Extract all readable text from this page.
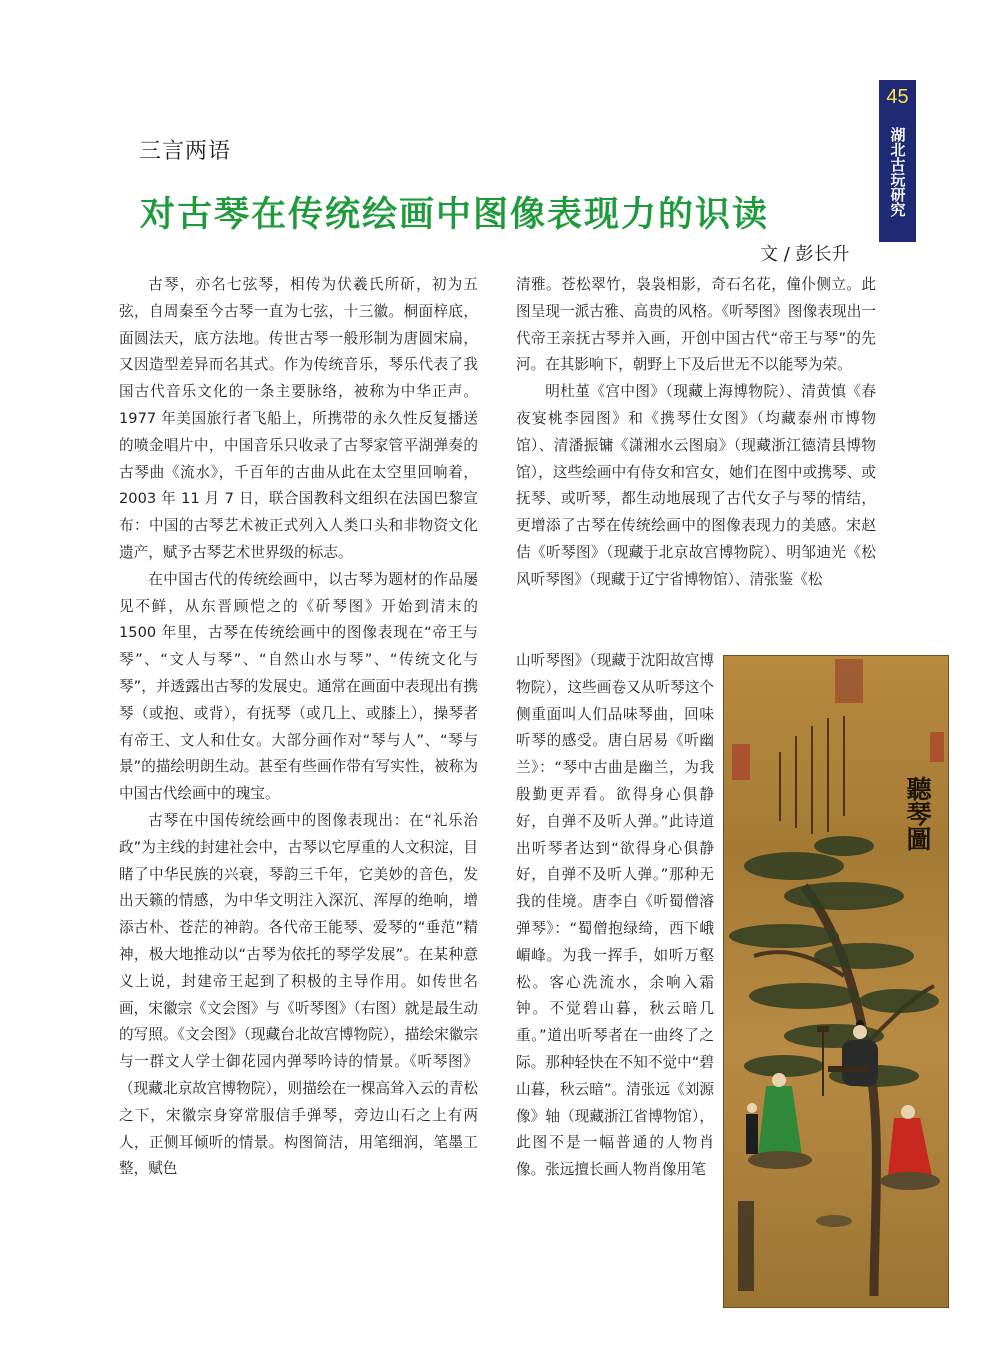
45
湖北古玩研究
三言两语
对古琴在传统绘画中图像表现力的识读
文 / 彭长升

古琴，亦名七弦琴，相传为伏羲氏所斫，初为五弦，自周秦至今古琴一直为七弦，十三徽。桐面梓底，面圆法天，底方法地。传世古琴一般形制为唐圆宋扁，又因造型差异而名其式。作为传统音乐，琴乐代表了我国古代音乐文化的一条主要脉络，被称为中华正声。1977 年美国旅行者飞船上，所携带的永久性反复播送的喷金唱片中，中国音乐只收录了古琴家管平湖弹奏的古琴曲《流水》，千百年的古曲从此在太空里回响着，2003 年 11 月 7 日，联合国教科文组织在法国巴黎宣布：中国的古琴艺术被正式列入人类口头和非物资文化遗产，赋予古琴艺术世界级的标志。

在中国古代的传统绘画中，以古琴为题材的作品屡见不鲜，从东晋顾恺之的《斫琴图》开始到清末的 1500 年里，古琴在传统绘画中的图像表现在“帝王与琴”、“文人与琴”、“自然山水与琴”、“传统文化与琴”，并透露出古琴的发展史。通常在画面中表现出有携琴（或抱、或背），有抚琴（或几上、或膝上），操琴者有帝王、文人和仕女。大部分画作对“琴与人”、“琴与景”的描绘明朗生动。甚至有些画作带有写实性，被称为中国古代绘画中的瑰宝。

古琴在中国传统绘画中的图像表现出：在“礼乐治政”为主线的封建社会中，古琴以它厚重的人文积淀，目睹了中华民族的兴衰，琴韵三千年，它美妙的音色，发出天籁的情感，为中华文明注入深沉、浑厚的绝响，增添古朴、苍茫的神韵。各代帝王能琴、爱琴的“垂范”精神，极大地推动以“古琴为依托的琴学发展”。在某种意义上说，封建帝王起到了积极的主导作用。如传世名画，宋徽宗《文会图》与《听琴图》（右图）就是最生动的写照。《文会图》（现藏台北故宫博物院），描绘宋徽宗与一群文人学士御花园内弹琴吟诗的情景。《听琴图》（现藏北京故宫博物院），则描绘在一棵高耸入云的青松之下，宋徽宗身穿常服信手弹琴，旁边山石之上有两人，正侧耳倾听的情景。构图简洁，用笔细润，笔墨工整，赋色

清雅。苍松翠竹，袅袅相影，奇石名花，僮仆侧立。此图呈现一派古雅、高贵的风格。《听琴图》图像表现出一代帝王亲抚古琴并入画，开创中国古代“帝王与琴”的先河。在其影响下，朝野上下及后世无不以能琴为荣。

明杜堇《宫中图》（现藏上海博物院）、清黄慎《春夜宴桃李园图》和《携琴仕女图》（均藏泰州市博物馆）、清潘振镛《潇湘水云图扇》（现藏浙江德清县博物馆），这些绘画中有侍女和宫女，她们在图中或携琴、或抚琴、或听琴，都生动地展现了古代女子与琴的情结，更增添了古琴在传统绘画中的图像表现力的美感。宋赵佶《听琴图》（现藏于北京故宫博物院）、明邹迪光《松风听琴图》（现藏于辽宁省博物馆）、清张鉴《松

山听琴图》（现藏于沈阳故宫博物院），这些画卷又从听琴这个侧重面叫人们品味琴曲，回味听琴的感受。唐白居易《听幽兰》：“琴中古曲是幽兰，为我殷勤更弄看。欲得身心俱静好，自弹不及听人弹。”此诗道出听琴者达到“欲得身心俱静好，自弹不及听人弹。”那种无我的佳境。唐李白《听蜀僧濬弹琴》：“蜀僧抱绿绮，西下峨嵋峰。为我一挥手，如听万壑松。客心洗流水，余响入霜钟。不觉碧山暮，秋云暗几重。”道出听琴者在一曲终了之际。那种轻快在不知不觉中“碧山暮，秋云暗”。清张远《刘源像》轴（现藏浙江省博物馆），此图不是一幅普通的人物肖像。张远擅长画人物肖像用笔

聽琴圖
